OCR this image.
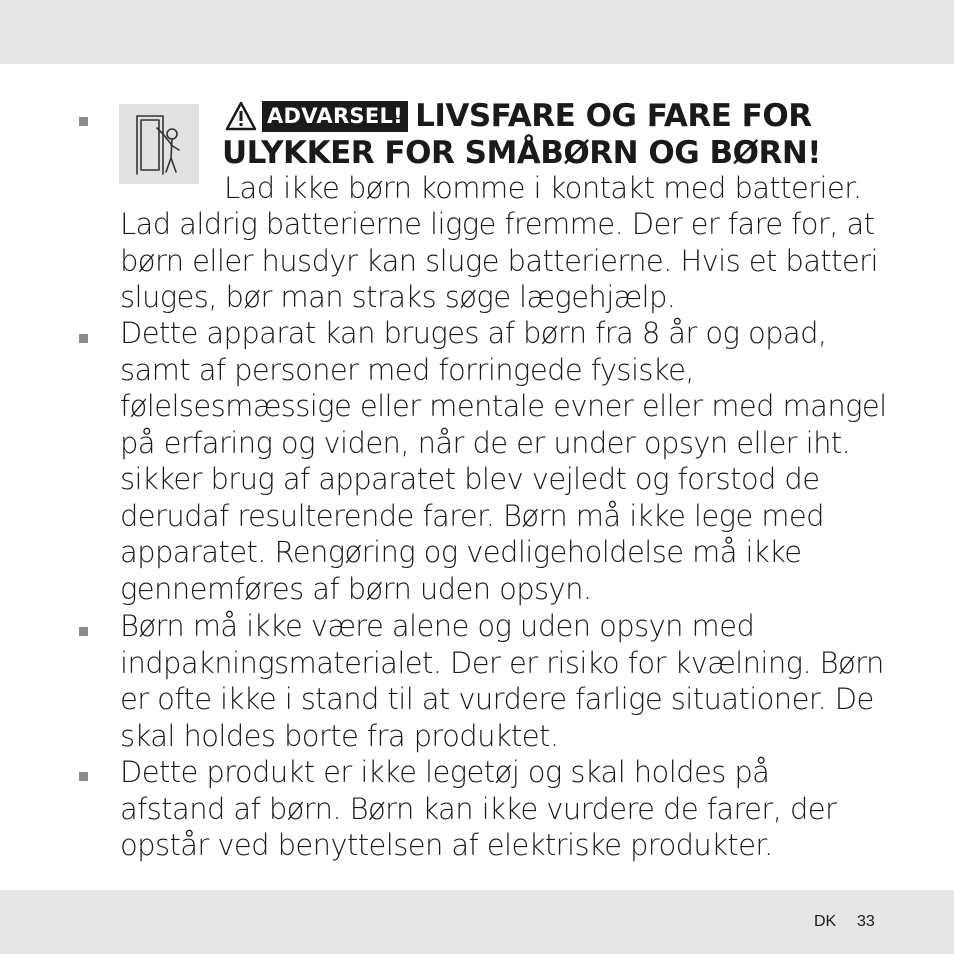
ADVARSEL! LIVSFARE OG FARE FOR
ULYKKER FOR SMÅBØRN OG BØRN!
Lad ikke børn komme i kontakt med batterier.
Lad aldrig batterierne ligge fremme. Der er fare for, at
børn eller husdyr kan sluge batterierne. Hvis et batteri
sluges, bør man straks søge lægehjælp.
Dette apparat kan bruges af børn fra 8 år og opad,
samt af personer med forringede fysiske,
følelsesmæssige eller mentale evner eller med mangel
på erfaring og viden, når de er under opsyn eller iht.
sikker brug af apparatet blev vejledt og forstod de
derudaf resulterende farer. Børn må ikke lege med
apparatet. Rengøring og vedligeholdelse må ikke
gennemføres af børn uden opsyn.
Børn må ikke være alene og uden opsyn med
indpakningsmaterialet. Der er risiko for kvælning. Børn
er ofte ikke i stand til at vurdere farlige situationer. De
skal holdes borte fra produktet.
Dette produkt er ikke legetøj og skal holdes på
afstand af børn. Børn kan ikke vurdere de farer, der
opstår ved benyttelsen af elektriske produkter.
DK 33
